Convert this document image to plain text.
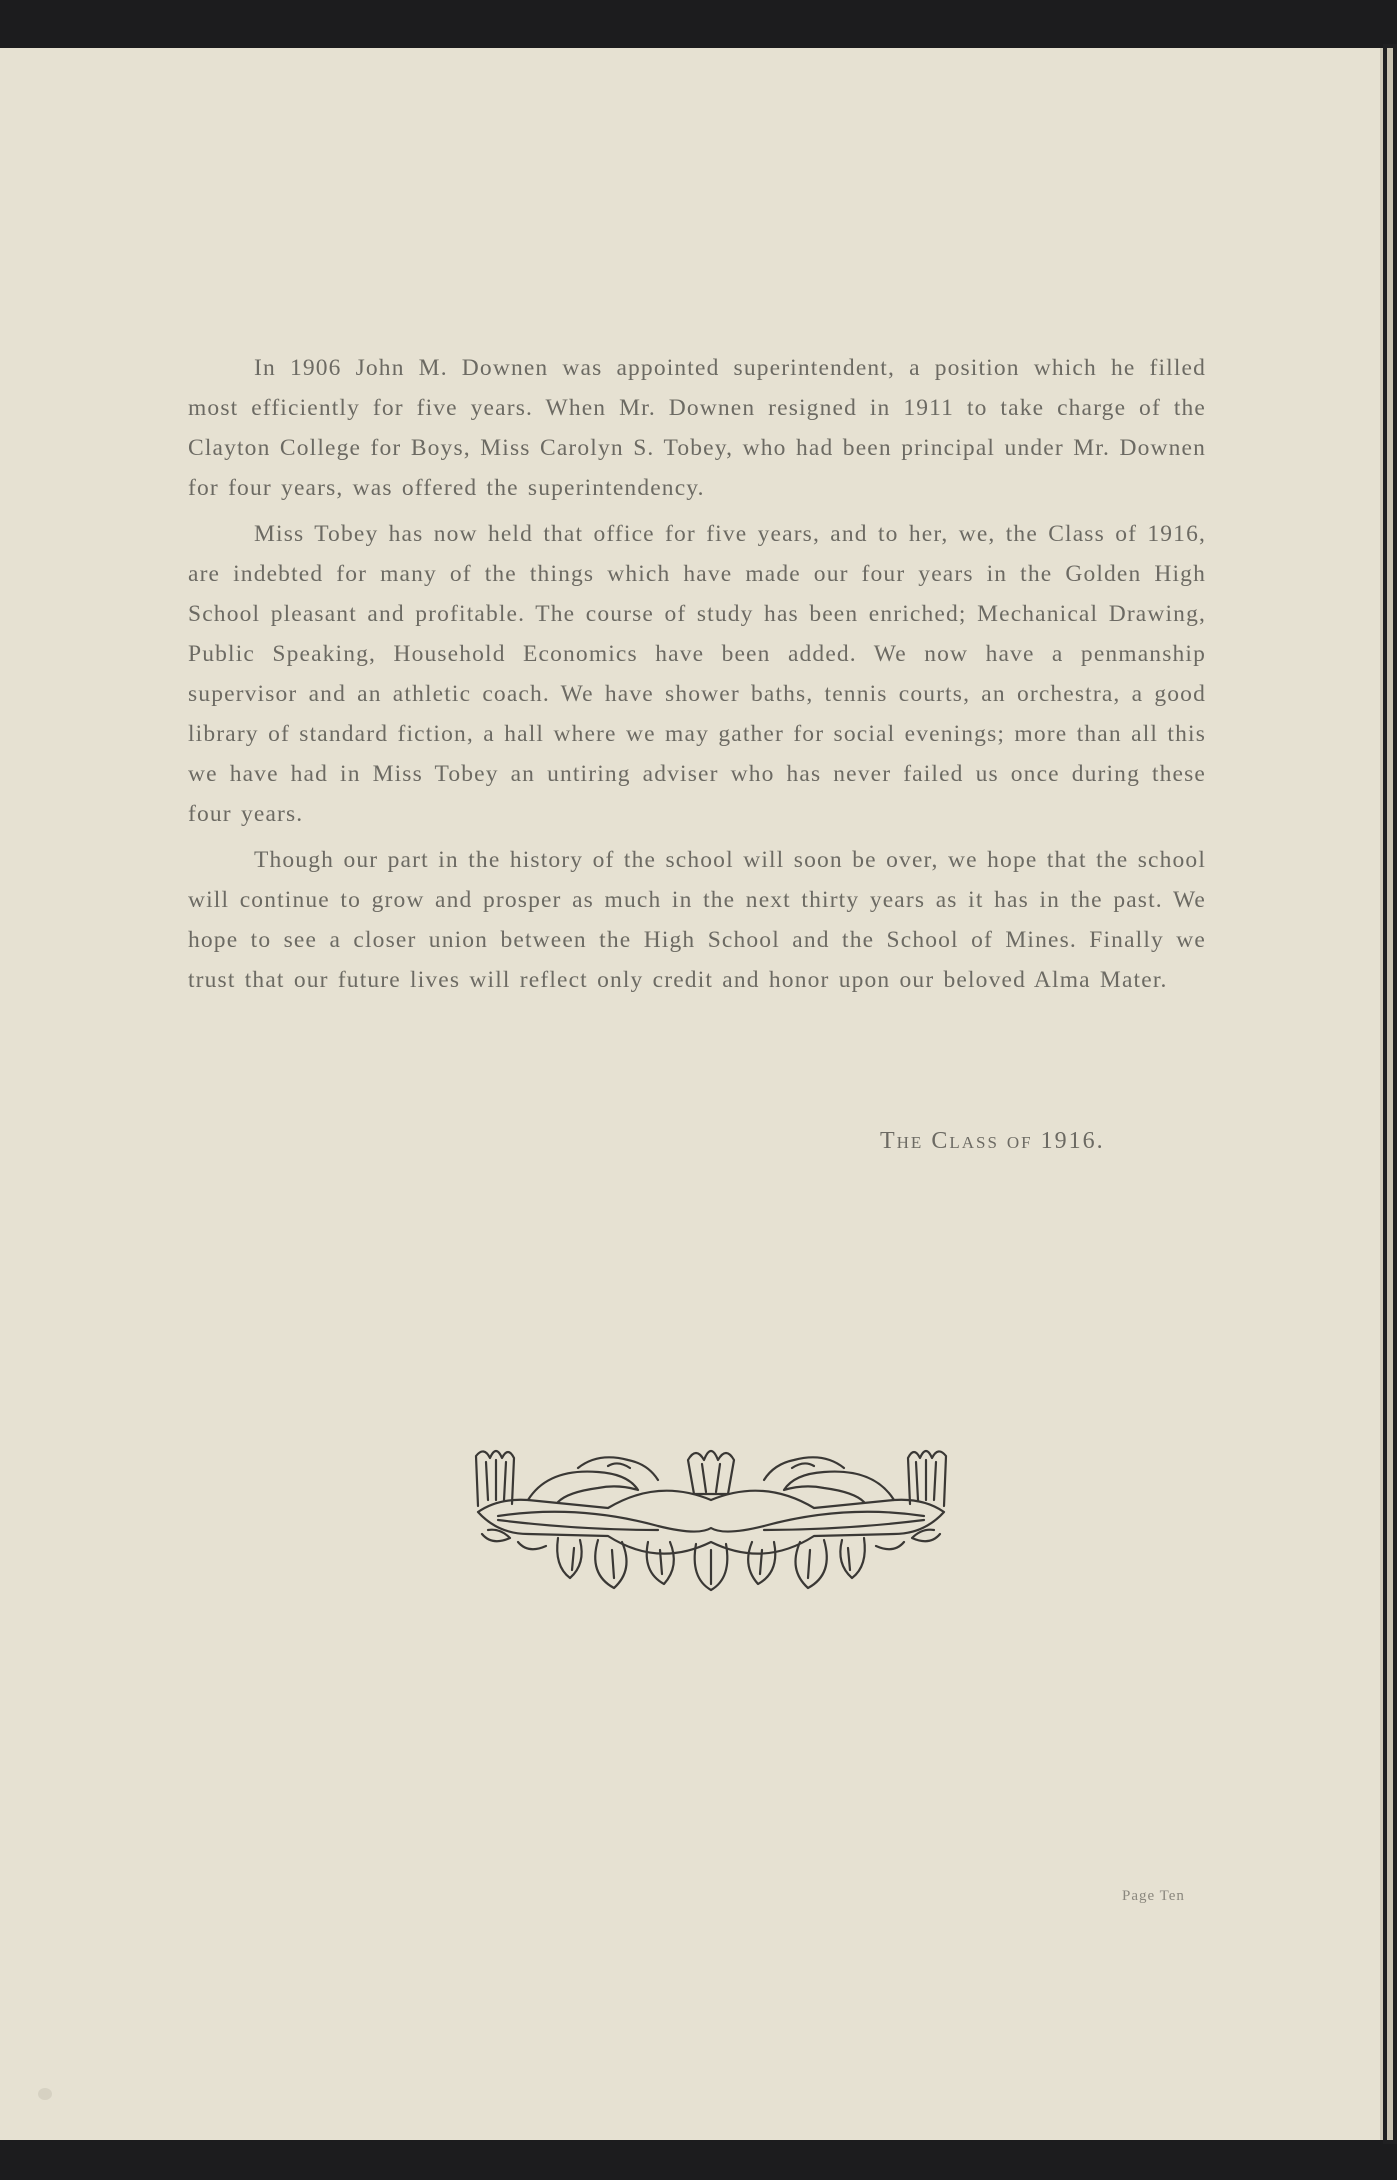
In 1906 John M. Downen was appointed superintendent, a position which he filled most efficiently for five years. When Mr. Downen resigned in 1911 to take charge of the Clayton College for Boys, Miss Carolyn S. Tobey, who had been principal under Mr. Downen for four years, was offered the superintendency.

Miss Tobey has now held that office for five years, and to her, we, the Class of 1916, are indebted for many of the things which have made our four years in the Golden High School pleasant and profitable. The course of study has been enriched; Mechanical Drawing, Public Speaking, Household Economics have been added. We now have a penmanship supervisor and an athletic coach. We have shower baths, tennis courts, an orchestra, a good library of standard fiction, a hall where we may gather for social evenings; more than all this we have had in Miss Tobey an untiring adviser who has never failed us once during these four years.

Though our part in the history of the school will soon be over, we hope that the school will continue to grow and prosper as much in the next thirty years as it has in the past. We hope to see a closer union between the High School and the School of Mines. Finally we trust that our future lives will reflect only credit and honor upon our beloved Alma Mater.

The Class of 1916.
Page Ten
